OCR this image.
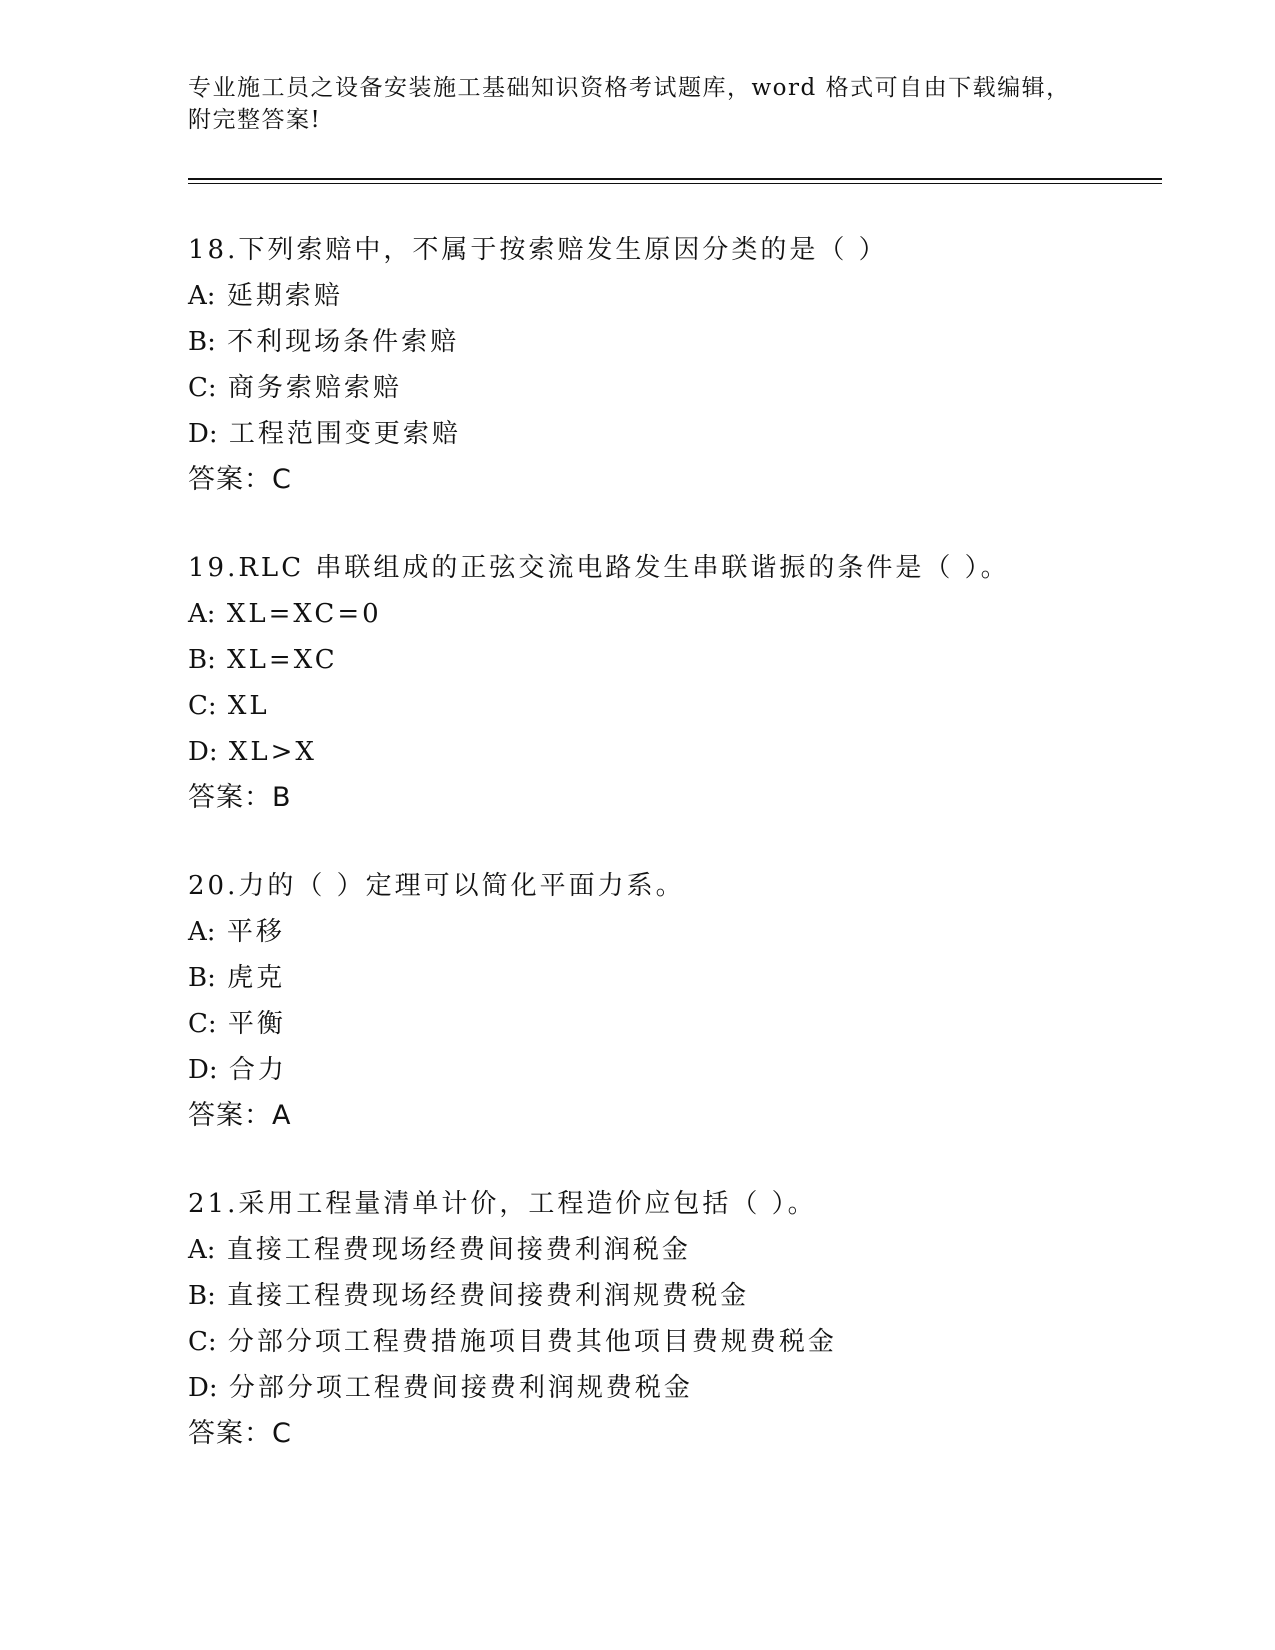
专业施工员之设备安装施工基础知识资格考试题库，word 格式可自由下载编辑，
附完整答案!
18.下列索赔中，不属于按索赔发生原因分类的是（ ）
A: 延期索赔
B: 不利现场条件索赔
C: 商务索赔索赔
D: 工程范围变更索赔
答案：C
19.RLC 串联组成的正弦交流电路发生串联谐振的条件是（ ）。
A: XL=XC=0
B: XL=XC
C: XL
D: XL>X
答案：B
20.力的（ ）定理可以简化平面力系。
A: 平移
B: 虎克
C: 平衡
D: 合力
答案：A
21.采用工程量清单计价，工程造价应包括（ ）。
A: 直接工程费现场经费间接费利润税金
B: 直接工程费现场经费间接费利润规费税金
C: 分部分项工程费措施项目费其他项目费规费税金
D: 分部分项工程费间接费利润规费税金
答案：C
